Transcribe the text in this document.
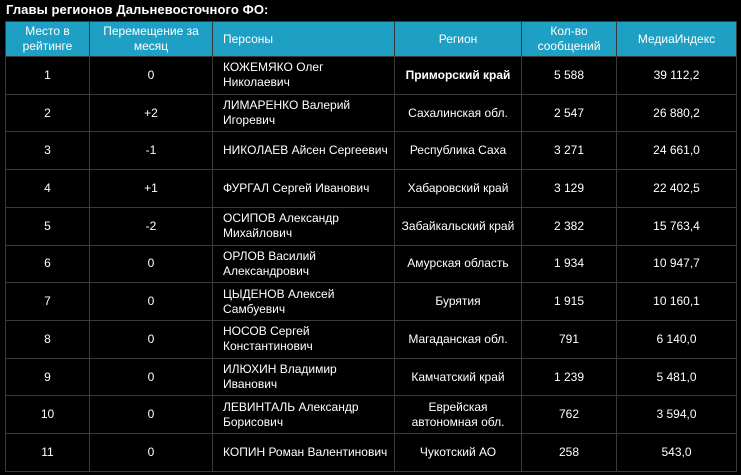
Главы регионов Дальневосточного ФО:
Место в рейтинге	Перемещение за месяц	Персоны	Регион	Кол-во сообщений	МедиаИндекс
1	0	КОЖЕМЯКО Олег Николаевич	Приморский край	5 588	39 112,2
2	+2	ЛИМАРЕНКО Валерий Игоревич	Сахалинская обл.	2 547	26 880,2
3	-1	НИКОЛАЕВ Айсен Сергеевич	Республика Саха	3 271	24 661,0
4	+1	ФУРГАЛ Сергей Иванович	Хабаровский край	3 129	22 402,5
5	-2	ОСИПОВ Александр Михайлович	Забайкальский край	2 382	15 763,4
6	0	ОРЛОВ Василий Александрович	Амурская область	1 934	10 947,7
7	0	ЦЫДЕНОВ Алексей Самбуевич	Бурятия	1 915	10 160,1
8	0	НОСОВ Сергей Константинович	Магаданская обл.	791	6 140,0
9	0	ИЛЮХИН Владимир Иванович	Камчатский край	1 239	5 481,0
10	0	ЛЕВИНТАЛЬ Александр Борисович	Еврейская автономная обл.	762	3 594,0
11	0	КОПИН Роман Валентинович	Чукотский АО	258	543,0
